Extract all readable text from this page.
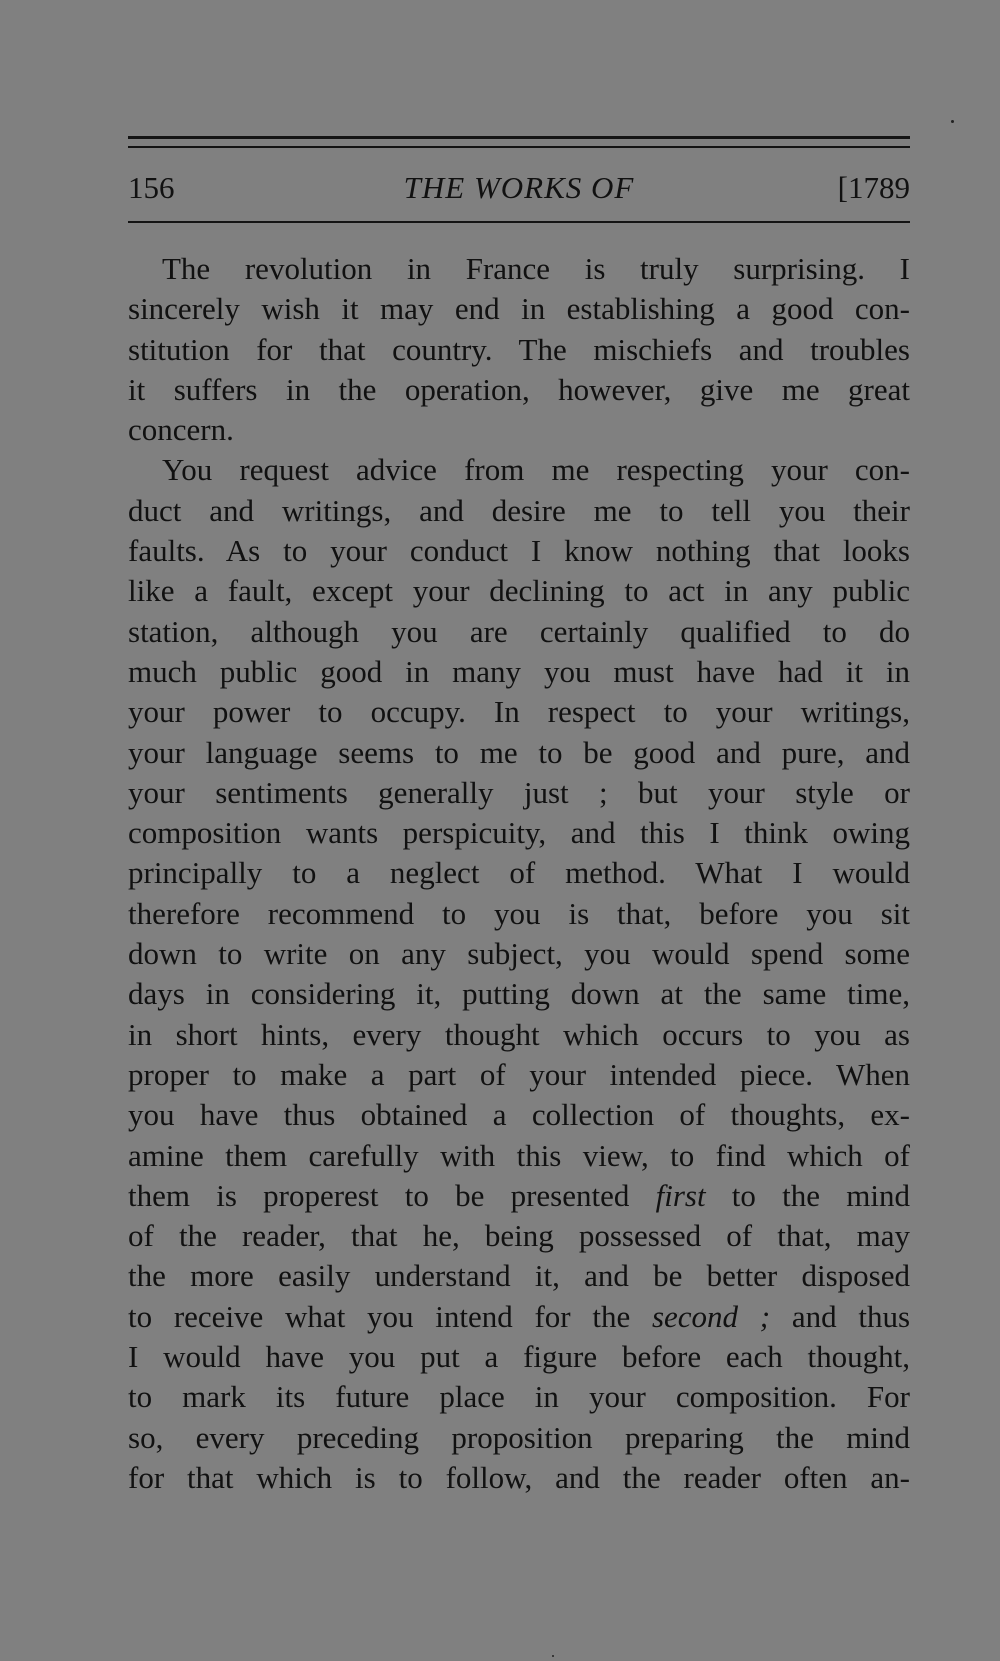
156	THE WORKS OF	[1789
The revolution in France is truly surprising. I
sincerely wish it may end in establishing a good con-
stitution for that country. The mischiefs and troubles
it suffers in the operation, however, give me great
concern.
You request advice from me respecting your con-
duct and writings, and desire me to tell you their
faults. As to your conduct I know nothing that looks
like a fault, except your declining to act in any public
station, although you are certainly qualified to do
much public good in many you must have had it in
your power to occupy. In respect to your writings,
your language seems to me to be good and pure, and
your sentiments generally just ; but your style or
composition wants perspicuity, and this I think owing
principally to a neglect of method. What I would
therefore recommend to you is that, before you sit
down to write on any subject, you would spend some
days in considering it, putting down at the same time,
in short hints, every thought which occurs to you as
proper to make a part of your intended piece. When
you have thus obtained a collection of thoughts, ex-
amine them carefully with this view, to find which of
them is properest to be presented first to the mind
of the reader, that he, being possessed of that, may
the more easily understand it, and be better disposed
to receive what you intend for the second ; and thus
I would have you put a figure before each thought,
to mark its future place in your composition. For
so, every preceding proposition preparing the mind
for that which is to follow, and the reader often an-
